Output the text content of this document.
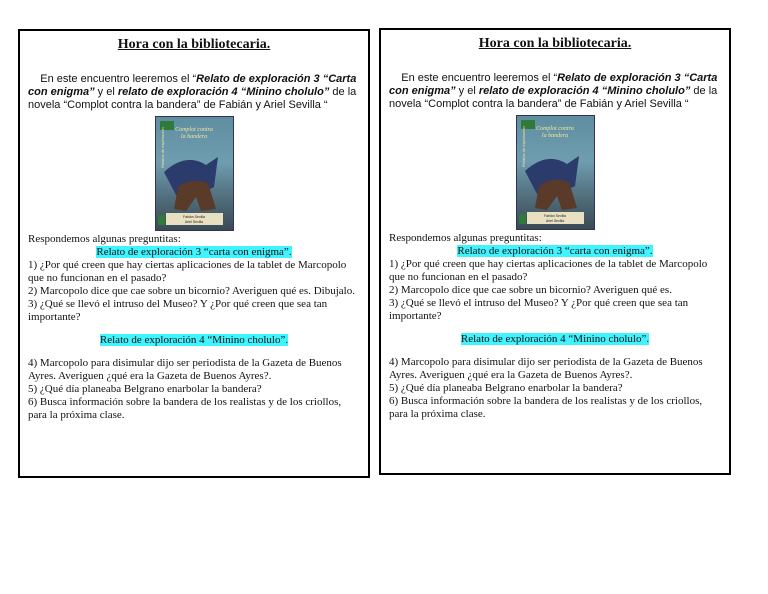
Hora con la bibliotecaria.

En este encuentro leeremos el “Relato de exploración 3 “Carta con enigma” y el relato de exploración 4 “Minino cholulo” de la novela “Complot contra la bandera” de Fabián y Ariel Sevilla “

Relatos de exploración Complot contra
la bandera
Fabián Sevilla
Ariel Sevilla

Respondemos algunas preguntitas:

Relato de exploración 3 “carta con enigma”.

1) ¿Por qué creen que hay ciertas aplicaciones de la tablet de Marcopolo que no funcionan en el pasado?

2) Marcopolo dice que cae sobre un bicornio? Averiguen qué es. Dibujalo.

3) ¿Qué se llevó el intruso del Museo? Y ¿Por qué creen que sea tan importante?

Relato de exploración 4 “Minino cholulo”.

4) Marcopolo para disimular dijo ser periodista de la Gazeta de Buenos Ayres. Averiguen ¿qué era la Gazeta de Buenos Ayres?.

5) ¿Qué día planeaba Belgrano enarbolar la bandera?

6) Busca información sobre la bandera de los realistas y de los criollos, para la próxima clase.

Hora con la bibliotecaria.

En este encuentro leeremos el “Relato de exploración 3 “Carta con enigma” y el relato de exploración 4 “Minino cholulo” de la novela “Complot contra la bandera” de Fabián y Ariel Sevilla “

Relatos de exploración Complot contra
la bandera
Fabián Sevilla
Ariel Sevilla

Respondemos algunas preguntitas:

Relato de exploración 3 “carta con enigma”.

1) ¿Por qué creen que hay ciertas aplicaciones de la tablet de Marcopolo que no funcionan en el pasado?

2) Marcopolo dice que cae sobre un bicornio? Averiguen qué es.

3) ¿Qué se llevó el intruso del Museo? Y ¿Por qué creen que sea tan importante?

Relato de exploración 4 “Minino cholulo”.

4) Marcopolo para disimular dijo ser periodista de la Gazeta de Buenos Ayres. Averiguen ¿qué era la Gazeta de Buenos Ayres?.

5) ¿Qué día planeaba Belgrano enarbolar la bandera?

6) Busca información sobre la bandera de los realistas y de los criollos, para la próxima clase.
